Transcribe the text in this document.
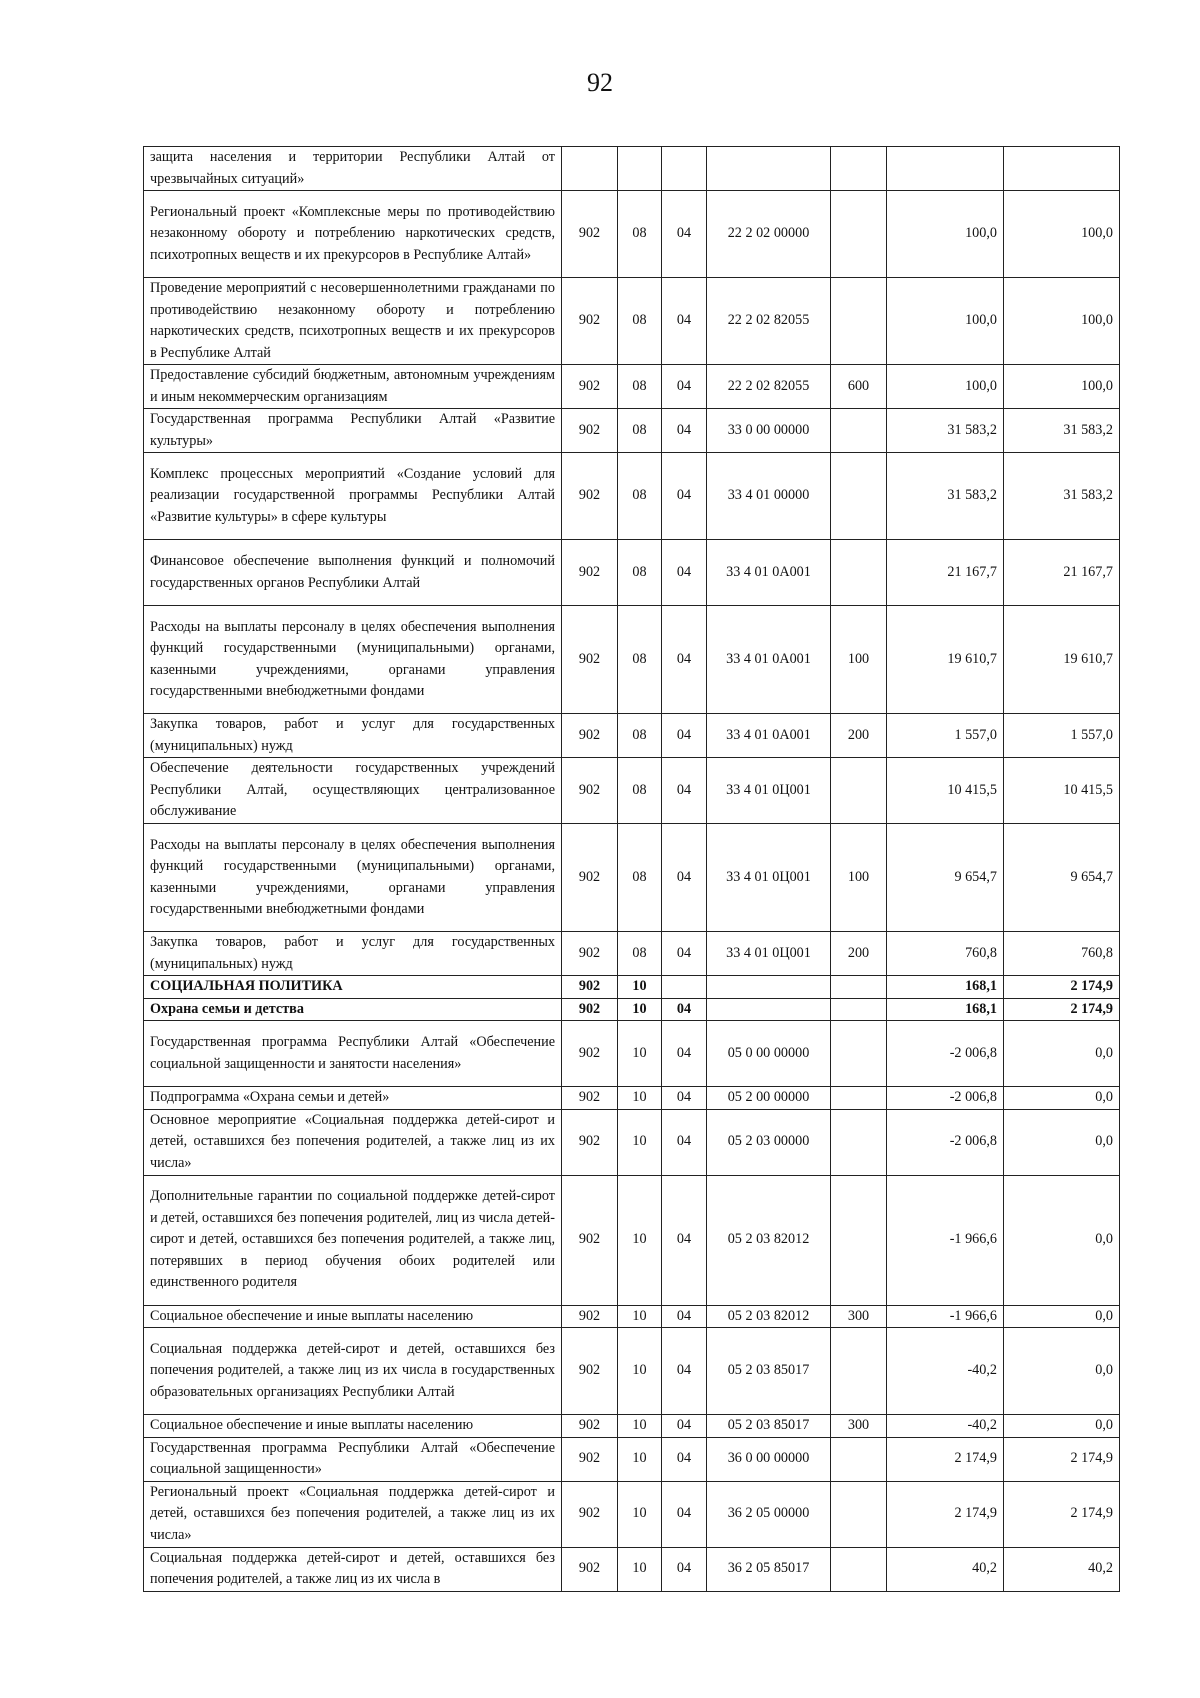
92
защита населения и территории Республики Алтай от чрезвычайных ситуаций»							
Региональный проект «Комплексные меры по противодействию незаконному обороту и потреблению наркотических средств, психотропных веществ и их прекурсоров в Республике Алтай»	902	08	04	22 2 02 00000		100,0	100,0
Проведение мероприятий с несовершеннолетними гражданами по противодействию незаконному обороту и потреблению наркотических средств, психотропных веществ и их прекурсоров в Республике Алтай	902	08	04	22 2 02 82055		100,0	100,0
Предоставление субсидий бюджетным, автономным учреждениям и иным некоммерческим организациям	902	08	04	22 2 02 82055	600	100,0	100,0
Государственная программа Республики Алтай «Развитие культуры»	902	08	04	33 0 00 00000		31 583,2	31 583,2
Комплекс процессных мероприятий «Создание условий для реализации государственной программы Республики Алтай «Развитие культуры» в сфере культуры	902	08	04	33 4 01 00000		31 583,2	31 583,2
Финансовое обеспечение выполнения функций и полномочий государственных органов Республики Алтай	902	08	04	33 4 01 0А001		21 167,7	21 167,7
Расходы на выплаты персоналу в целях обеспечения выполнения функций государственными (муниципальными) органами, казенными учреждениями, органами управления государственными внебюджетными фондами	902	08	04	33 4 01 0А001	100	19 610,7	19 610,7
Закупка товаров, работ и услуг для государственных (муниципальных) нужд	902	08	04	33 4 01 0А001	200	1 557,0	1 557,0
Обеспечение деятельности государственных учреждений Республики Алтай, осуществляющих централизованное обслуживание	902	08	04	33 4 01 0Ц001		10 415,5	10 415,5
Расходы на выплаты персоналу в целях обеспечения выполнения функций государственными (муниципальными) органами, казенными учреждениями, органами управления государственными внебюджетными фондами	902	08	04	33 4 01 0Ц001	100	9 654,7	9 654,7
Закупка товаров, работ и услуг для государственных (муниципальных) нужд	902	08	04	33 4 01 0Ц001	200	760,8	760,8
СОЦИАЛЬНАЯ ПОЛИТИКА	902	10				168,1	2 174,9
Охрана семьи и детства	902	10	04			168,1	2 174,9
Государственная программа Республики Алтай «Обеспечение социальной защищенности и занятости населения»	902	10	04	05 0 00 00000		-2 006,8	0,0
Подпрограмма «Охрана семьи и детей»	902	10	04	05 2 00 00000		-2 006,8	0,0
Основное мероприятие «Социальная поддержка детей-сирот и детей, оставшихся без попечения родителей, а также лиц из их числа»	902	10	04	05 2 03 00000		-2 006,8	0,0
Дополнительные гарантии по социальной поддержке детей-сирот и детей, оставшихся без попечения родителей, лиц из числа детей-сирот и детей, оставшихся без попечения родителей, а также лиц, потерявших в период обучения обоих родителей или единственного родителя	902	10	04	05 2 03 82012		-1 966,6	0,0
Социальное обеспечение и иные выплаты населению	902	10	04	05 2 03 82012	300	-1 966,6	0,0
Социальная поддержка детей-сирот и детей, оставшихся без попечения родителей, а также лиц из их числа в государственных образовательных организациях Республики Алтай	902	10	04	05 2 03 85017		-40,2	0,0
Социальное обеспечение и иные выплаты населению	902	10	04	05 2 03 85017	300	-40,2	0,0
Государственная программа Республики Алтай «Обеспечение социальной защищенности»	902	10	04	36 0 00 00000		2 174,9	2 174,9
Региональный проект «Социальная поддержка детей-сирот и детей, оставшихся без попечения родителей, а также лиц из их числа»	902	10	04	36 2 05 00000		2 174,9	2 174,9
Социальная поддержка детей-сирот и детей, оставшихся без попечения родителей, а также лиц из их числа в	902	10	04	36 2 05 85017		40,2	40,2
